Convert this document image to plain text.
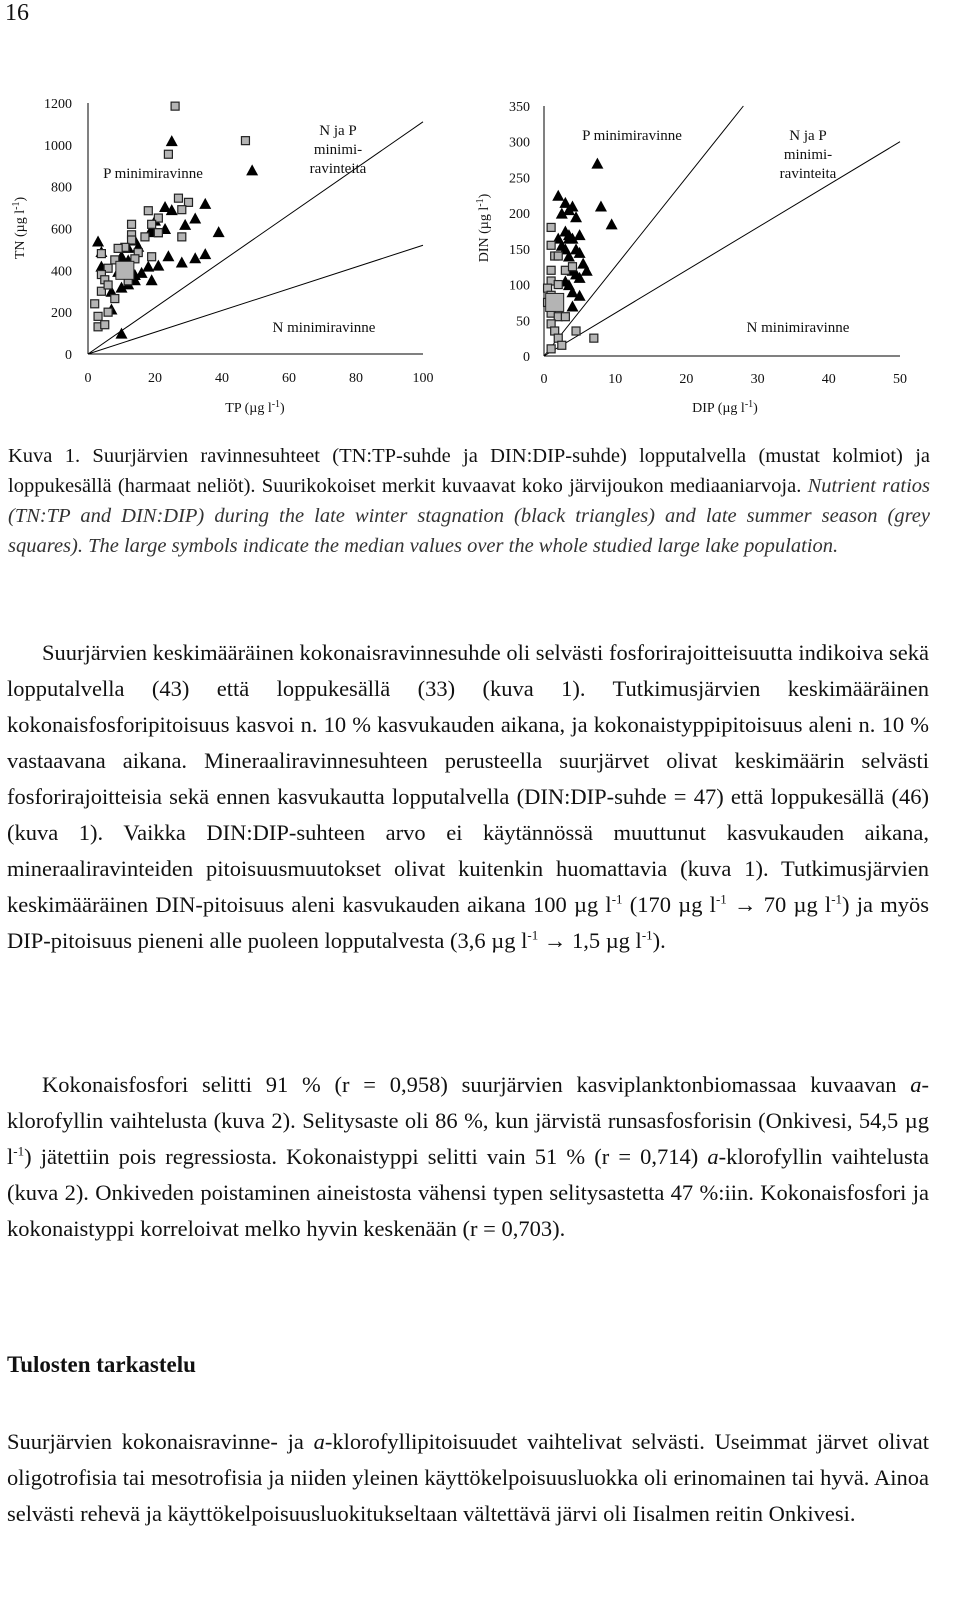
16
0
200
400
600
800
1000
1200
0	20	40	60	80	100
TP (µg $l^{-1}$)
TN (µg $l^{-1}$)
P minimiravinne
N ja P
minimi-
ravinteita
N minimiravinne
0
50
100
150
200
250
300
350
0	10	20	30	40	50
DIP (µg $l^{-1}$)
DIN (µg $l^{-1}$)
P minimiravinne	N ja P
minimi-
ravinteita
N minimiravinne
Kuva 1. Suurjärvien ravinnesuhteet (TN:TP-suhde ja DIN:DIP-suhde) lopputalvella (mustat kolmiot) ja loppukesällä (harmaat neliöt). Suurikokoiset merkit kuvaavat koko järvijoukon mediaaniarvoja. Nutrient ratios (TN:TP and DIN:DIP) during the late winter stagnation (black triangles) and late summer season (grey squares). The large symbols indicate the median values over the whole studied large lake population.
Suurjärvien keskimääräinen kokonaisravinnesuhde oli selvästi fosforirajoitteisuutta indikoiva sekä lopputalvella (43) että loppukesällä (33) (kuva 1). Tutkimusjärvien keskimääräinen kokonaisfosforipitoisuus kasvoi n. 10 % kasvukauden aikana, ja kokonaistyppipitoisuus aleni n. 10 % vastaavana aikana. Mineraaliravinnesuhteen perusteella suurjärvet olivat keskimäärin selvästi fosforirajoitteisia sekä ennen kasvukautta lopputalvella (DIN:DIP-suhde = 47) että loppukesällä (46) (kuva 1). Vaikka DIN:DIP-suhteen arvo ei käytännössä muuttunut kasvukauden aikana, mineraaliravinteiden pitoisuusmuutokset olivat kuitenkin huomattavia (kuva 1). Tutkimusjärvien keskimääräinen DIN-pitoisuus aleni kasvukauden aikana 100 µg $l^{-1}$ (170 µg $l^{-1} \to 70$ µg $l^{-1}$) ja myös DIP-pitoisuus pieneni alle puoleen lopputalvesta (3,6 µg $l^{-1} \to 1,5$ µg $l^{-1}$).
Kokonaisfosfori selitti 91 % (r = 0,958) suurjärvien kasviplanktonbiomassaa kuvaavan a-klorofyllin vaihtelusta (kuva 2). Selitysaste oli 86 %, kun järvistä runsasfosforisin (Onkivesi, 54,5 µg $l^{-1}$) jätettiin pois regressiosta. Kokonaistyppi selitti vain 51 % (r = 0,714) a-klorofyllin vaihtelusta (kuva 2). Onkiveden poistaminen aineistosta vähensi typen selitysastetta 47 %:iin. Kokonaisfosfori ja kokonaistyppi korreloivat melko hyvin keskenään (r = 0,703).
Tulosten tarkastelu
Suurjärvien kokonaisravinne- ja a-klorofyllipitoisuudet vaihtelivat selvästi. Useimmat järvet olivat oligotrofisia tai mesotrofisia ja niiden yleinen käyttökelpoisuusluokka oli erinomainen tai hyvä. Ainoa selvästi rehevä ja käyttökelpoisuusluokitukseltaan vältettävä järvi oli Iisalmen reitin Onkivesi.
